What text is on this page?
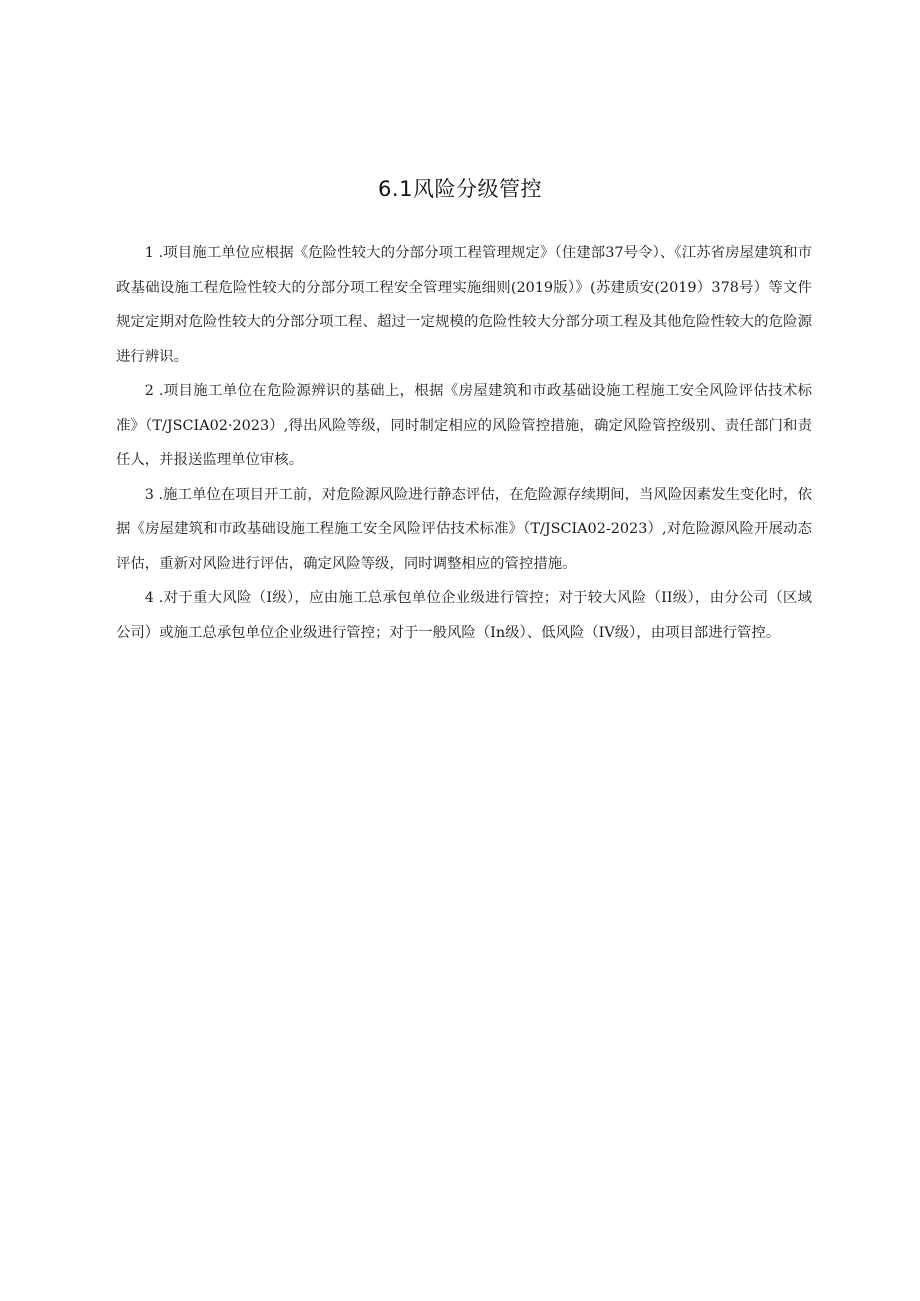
6.1风险分级管控

1 .项目施工单位应根据《危险性较大的分部分项工程管理规定》（住建部37号令）、《江苏省房屋建筑和市政基础设施工程危险性较大的分部分项工程安全管理实施细则(2019版）》(苏建质安(2019）378号）等文件规定定期对危险性较大的分部分项工程、超过一定规模的危险性较大分部分项工程及其他危险性较大的危险源进行辨识。

2 .项目施工单位在危险源辨识的基础上，根据《房屋建筑和市政基础设施工程施工安全风险评估技术标准》（T/JSCIA02·2023）,得出风险等级，同时制定相应的风险管控措施，确定风险管控级别、责任部门和责任人，并报送监理单位审核。

3 .施工单位在项目开工前，对危险源风险进行静态评估，在危险源存续期间，当风险因素发生变化时，依据《房屋建筑和市政基础设施工程施工安全风险评估技术标准》（T/JSCIA02-2023）,对危险源风险开展动态评估，重新对风险进行评估，确定风险等级，同时调整相应的管控措施。

4 .对于重大风险（I级），应由施工总承包单位企业级进行管控；对于较大风险（II级），由分公司（区域公司）或施工总承包单位企业级进行管控；对于一般风险（In级）、低风险（IV级），由项目部进行管控。
